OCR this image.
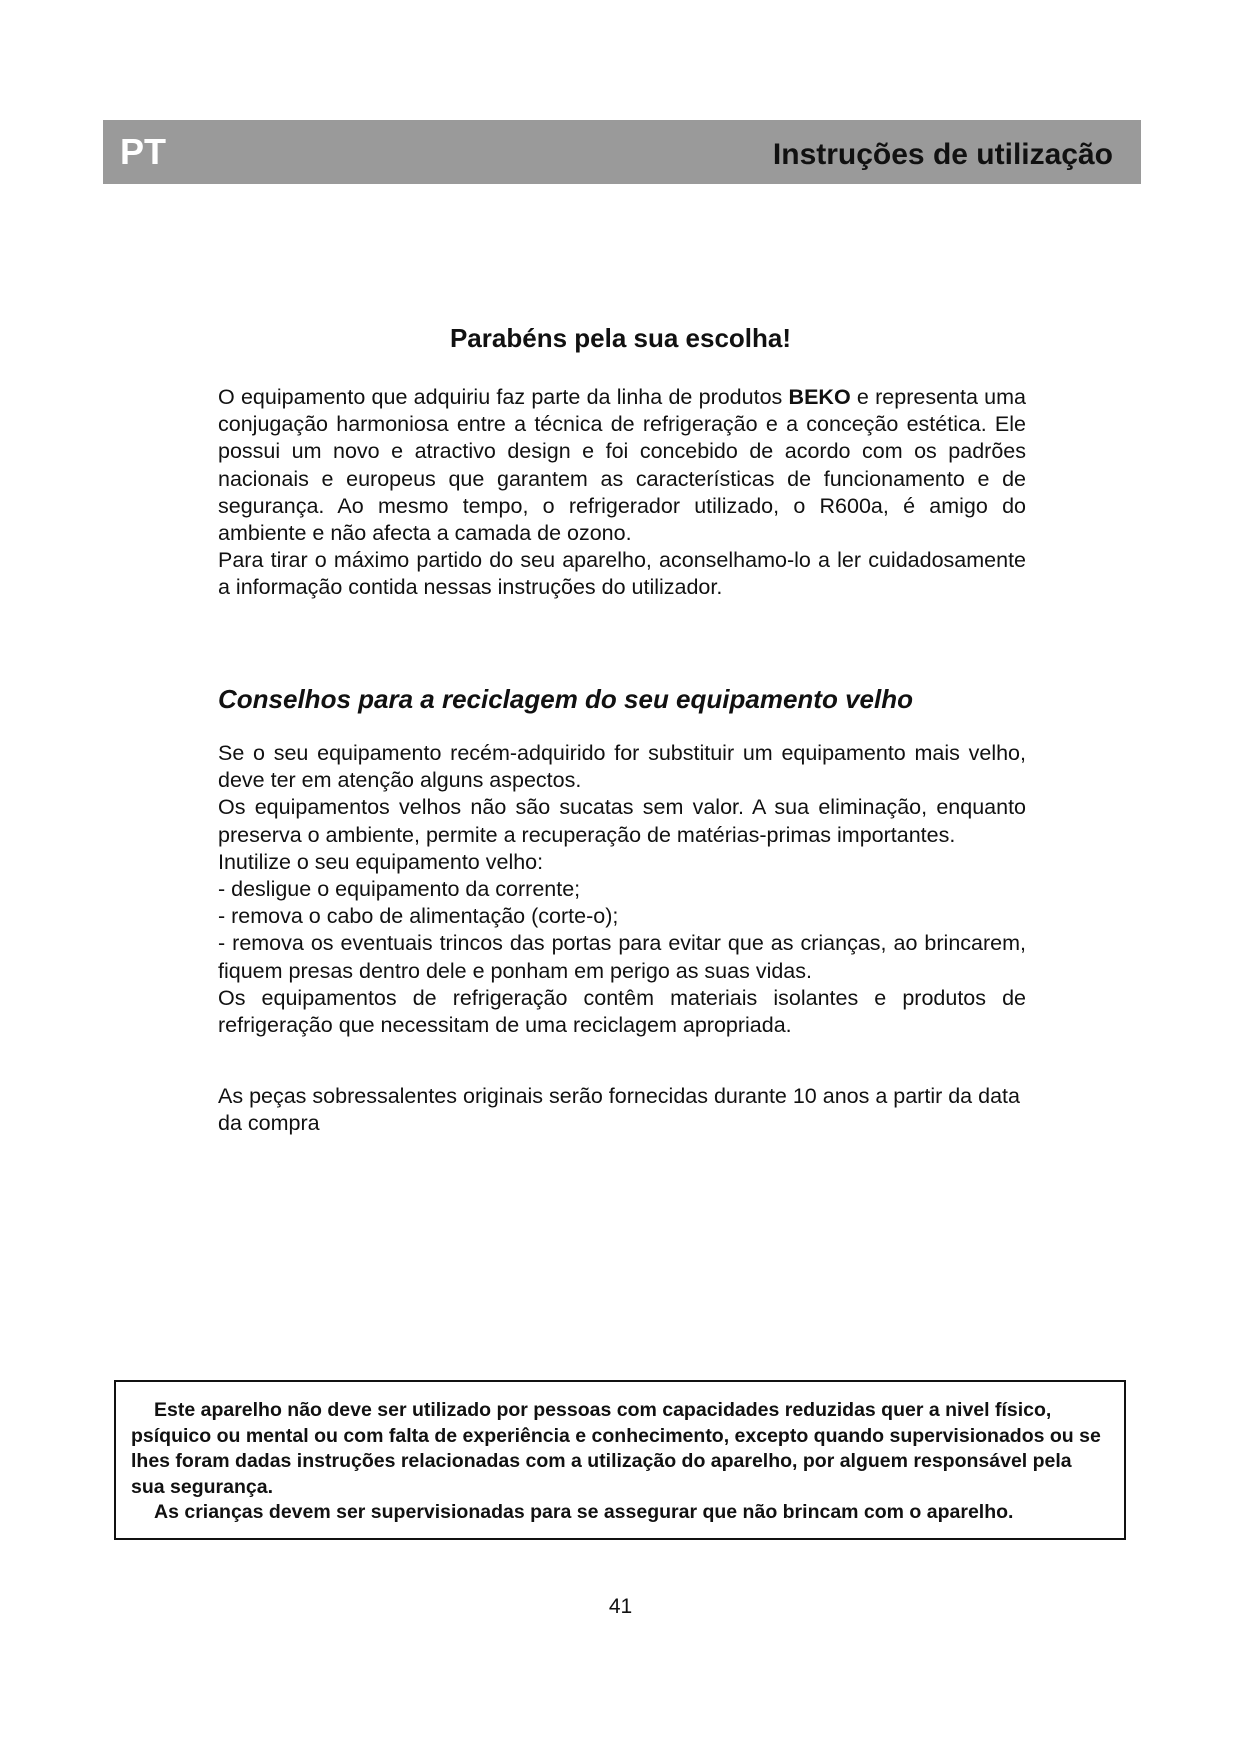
PT	Instruções de utilização
Parabéns pela sua escolha!

O equipamento que adquiriu faz parte da linha de produtos BEKO e representa uma conjugação harmoniosa entre a técnica de refrigeração e a conceção estética. Ele possui um novo e atractivo design e foi concebido de acordo com os padrões nacionais e europeus que garantem as características de funcionamento e de segurança. Ao mesmo tempo, o refrigerador utilizado, o R600a, é amigo do ambiente e não afecta a camada de ozono.

Para tirar o máximo partido do seu aparelho, aconselhamo-lo a ler cuidadosamente a informação contida nessas instruções do utilizador.

Conselhos para a reciclagem do seu equipamento velho

Se o seu equipamento recém-adquirido for substituir um equipamento mais velho, deve ter em atenção alguns aspectos.

Os equipamentos velhos não são sucatas sem valor. A sua eliminação, enquanto preserva o ambiente, permite a recuperação de matérias-primas importantes.

Inutilize o seu equipamento velho:

- desligue o equipamento da corrente;

- remova o cabo de alimentação (corte-o);

- remova os eventuais trincos das portas para evitar que as crianças, ao brincarem, fiquem presas dentro dele e ponham em perigo as suas vidas.

Os equipamentos de refrigeração contêm materiais isolantes e produtos de refrigeração que necessitam de uma reciclagem apropriada.

As peças sobressalentes originais serão fornecidas durante 10 anos a partir da data da compra

Este aparelho não deve ser utilizado por pessoas com capacidades reduzidas quer a nivel físico, psíquico ou mental ou com falta de experiência e conhecimento, excepto quando supervisionados ou se lhes foram dadas instruções relacionadas com a utilização do aparelho, por alguem responsável pela sua segurança.

As crianças devem ser supervisionadas para se assegurar que não brincam com o aparelho.

41
